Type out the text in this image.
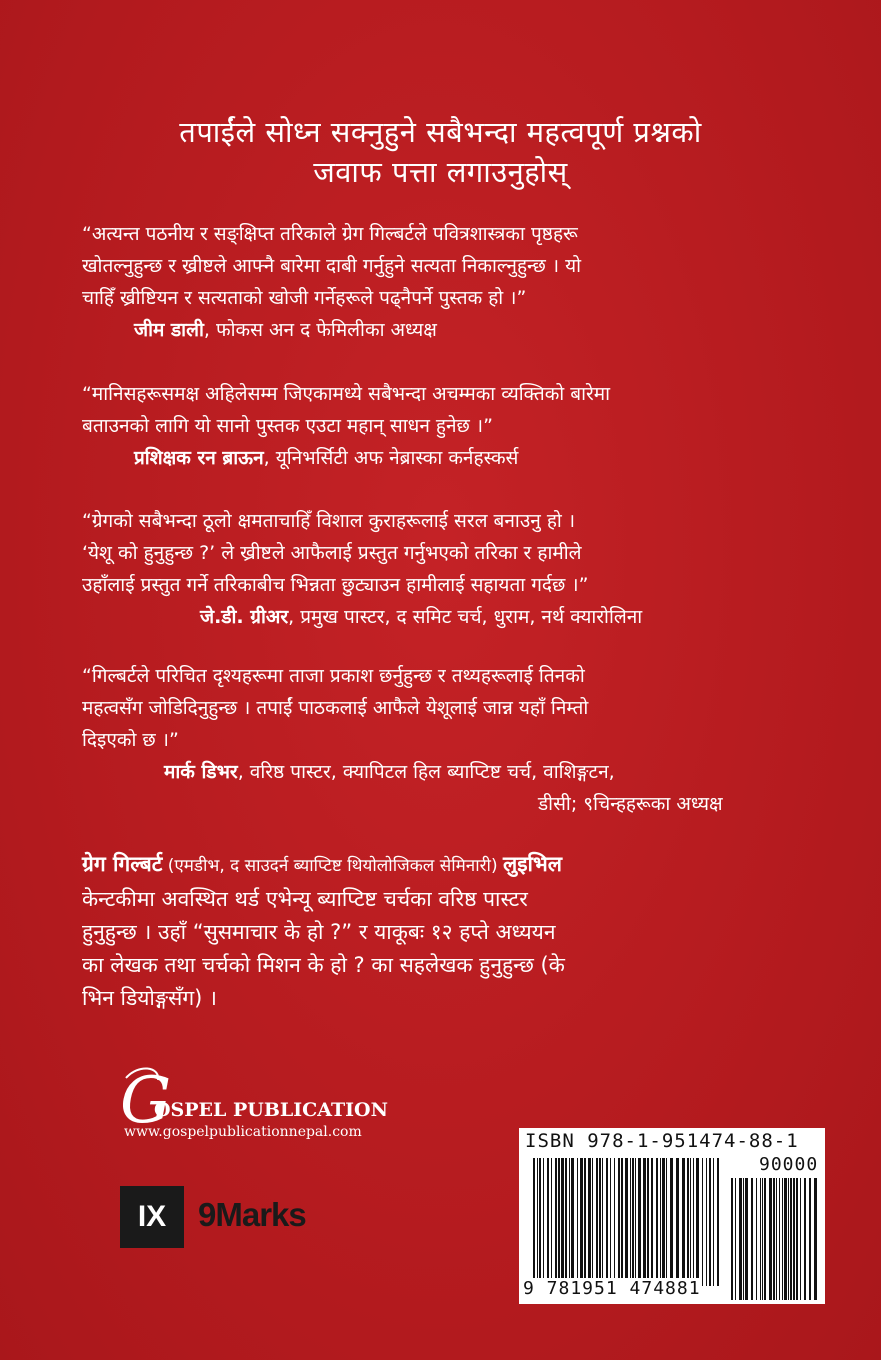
तपाईंले सोध्न सक्नुहुने सबैभन्दा महत्वपूर्ण प्रश्नको
जवाफ पत्ता लगाउनुहोस्
“अत्यन्त पठनीय र सङ्क्षिप्त तरिकाले ग्रेग गिल्बर्टले पवित्रशास्त्रका पृष्ठहरू
खोतल्नुहुन्छ र ख्रीष्टले आफ्नै बारेमा दाबी गर्नुहुने सत्यता निकाल्नुहुन्छ । यो
चाहिँ ख्रीष्टियन र सत्यताको खोजी गर्नेहरूले पढ्नैपर्ने पुस्तक हो ।”
जीम डाली, फोकस अन द फेमिलीका अध्यक्ष
“मानिसहरूसमक्ष अहिलेसम्म जिएकामध्ये सबैभन्दा अचम्मका व्यक्तिको बारेमा
बताउनको लागि यो सानो पुस्तक एउटा महान् साधन हुनेछ ।”
प्रशिक्षक रन ब्राऊन, यूनिभर्सिटी अफ नेब्रास्का कर्नहस्कर्स
“ग्रेगको सबैभन्दा ठूलो क्षमताचाहिँ विशाल कुराहरूलाई सरल बनाउनु हो ।
‘येशू को हुनुहुन्छ ?’ ले ख्रीष्टले आफैलाई प्रस्तुत गर्नुभएको तरिका र हामीले
उहाँलाई प्रस्तुत गर्ने तरिकाबीच भिन्नता छुट्याउन हामीलाई सहायता गर्दछ ।”
जे.डी. ग्रीअर, प्रमुख पास्टर, द समिट चर्च, धुराम, नर्थ क्यारोलिना
“गिल्बर्टले परिचित दृश्यहरूमा ताजा प्रकाश छर्नुहुन्छ र तथ्यहरूलाई तिनको
महत्वसँग जोडिदिनुहुन्छ । तपाईं पाठकलाई आफैले येशूलाई जान्न यहाँ निम्तो
दिइएको छ ।”
मार्क डिभर, वरिष्ठ पास्टर, क्यापिटल हिल ब्याप्टिष्ट चर्च, वाशिङ्गटन,
डीसी; ९चिन्हहरूका अध्यक्ष
ग्रेग गिल्बर्ट (एमडीभ, द साउदर्न ब्याप्टिष्ट थियोलोजिकल सेमिनारी) लुइभिल
केन्टकीमा अवस्थित थर्ड एभेन्यू ब्याप्टिष्ट चर्चका वरिष्ठ पास्टर
हुनुहुन्छ । उहाँ “सुसमाचार के हो ?” र याकूबः १२ हप्ते अध्ययन
का लेखक तथा चर्चको मिशन के हो ? का सहलेखक हुनुहुन्छ (के
भिन डियोङ्गसँग) ।
G
OSPEL PUBLICATION
www.gospelpublicationnepal.com
IX 9Marks
ISBN 978-1-951474-88-1
90000
9 781951 474881
